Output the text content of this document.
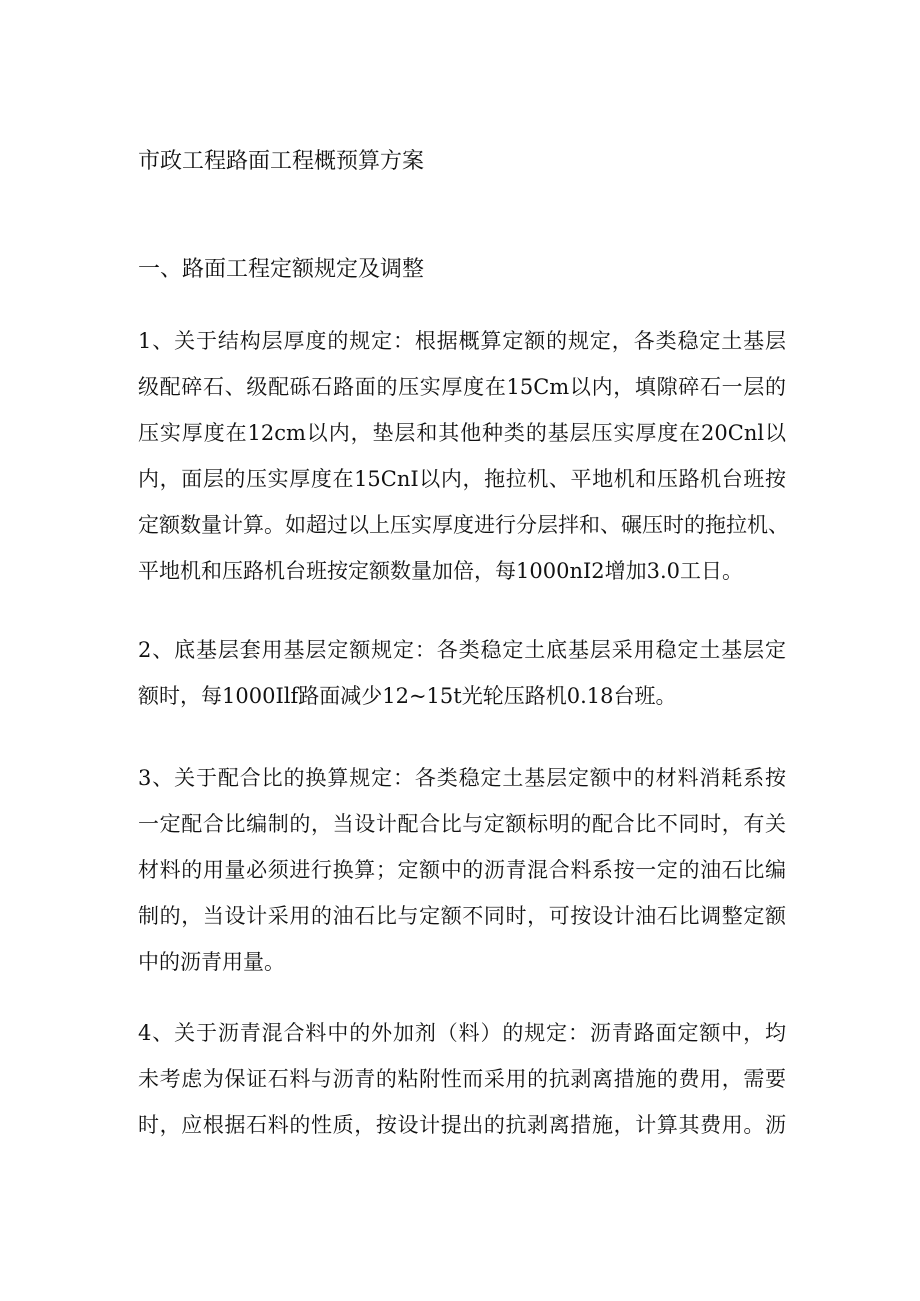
市政工程路面工程概预算方案
一、路面工程定额规定及调整
1、关于结构层厚度的规定：根据概算定额的规定，各类稳定土基层
级配碎石、级配砾石路面的压实厚度在15Cm以内，填隙碎石一层的
压实厚度在12cm以内，垫层和其他种类的基层压实厚度在20Cnl以
内，面层的压实厚度在15CnI以内，拖拉机、平地机和压路机台班按
定额数量计算。如超过以上压实厚度进行分层拌和、碾压时的拖拉机、
平地机和压路机台班按定额数量加倍，每1000nI2增加3.0工日。
2、底基层套用基层定额规定：各类稳定土底基层采用稳定土基层定
额时，每1000Ilf路面减少12~15t光轮压路机0.18台班。
3、关于配合比的换算规定：各类稳定土基层定额中的材料消耗系按
一定配合比编制的，当设计配合比与定额标明的配合比不同时，有关
材料的用量必须进行换算；定额中的沥青混合料系按一定的油石比编
制的，当设计采用的油石比与定额不同时，可按设计油石比调整定额
中的沥青用量。
4、关于沥青混合料中的外加剂（料）的规定：沥青路面定额中，均
未考虑为保证石料与沥青的粘附性而采用的抗剥离措施的费用，需要
时，应根据石料的性质，按设计提出的抗剥离措施，计算其费用。沥
